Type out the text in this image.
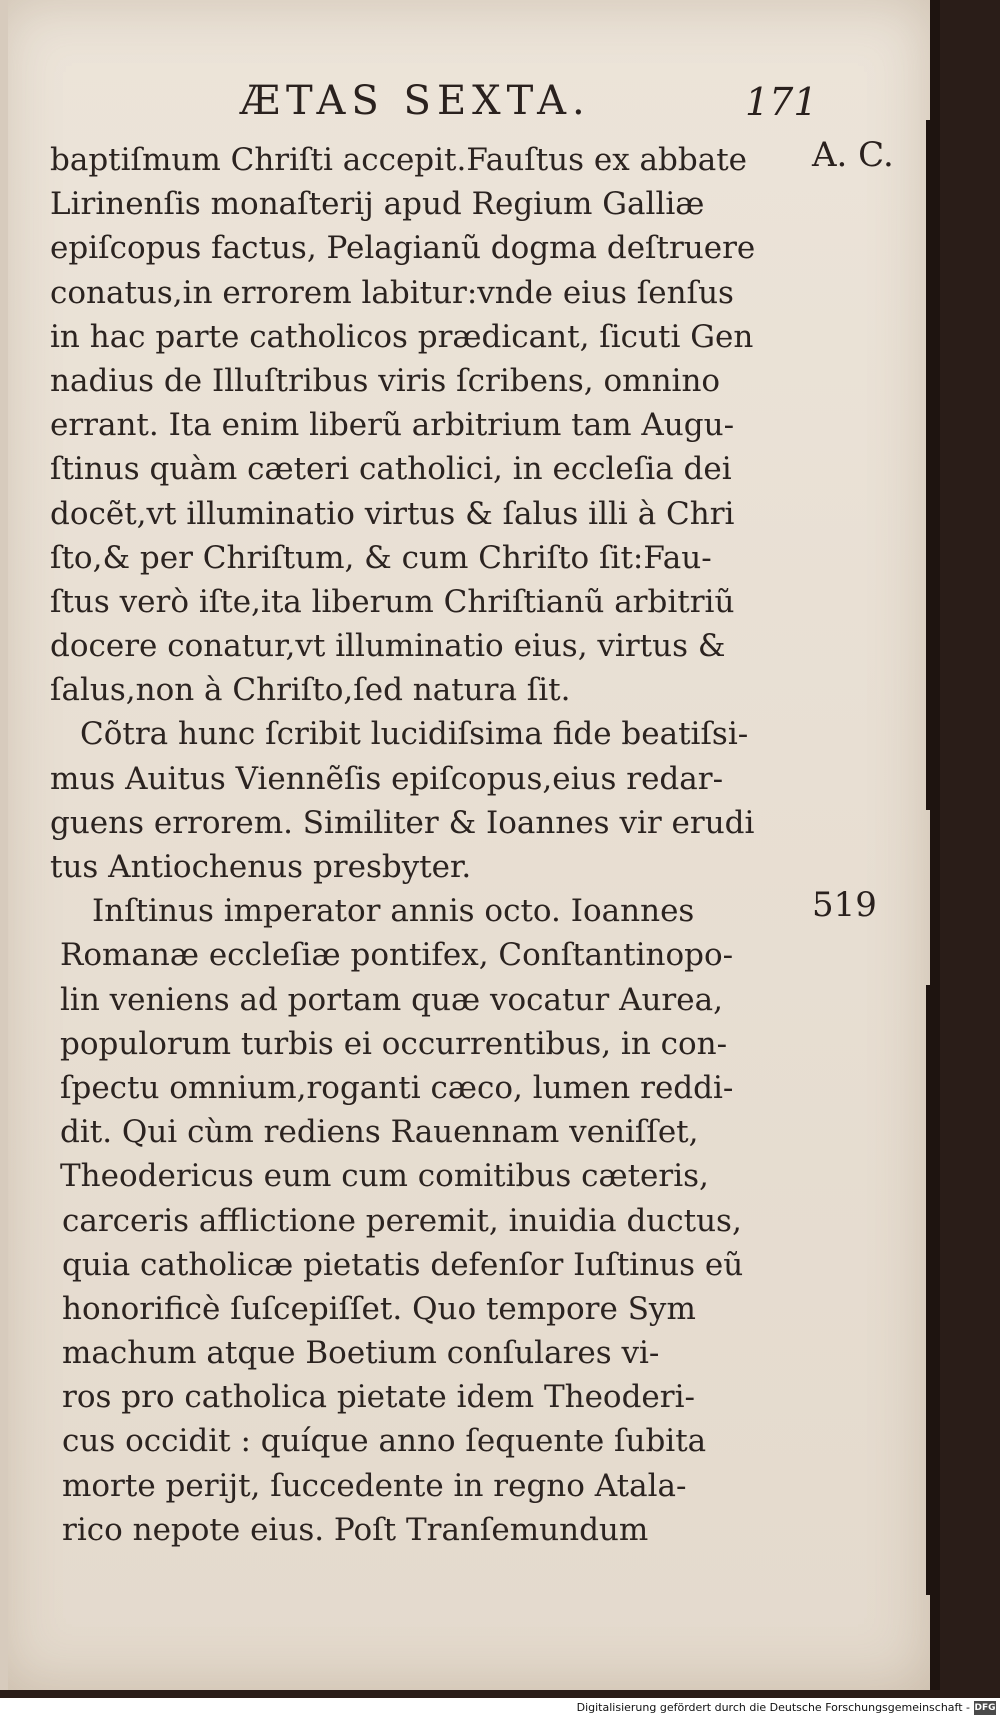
ÆTAS SEXTA.	171
A. C.
519
baptiſmum Chriſti accepit.Fauſtus ex abbate
Lirinenſis monaſterij apud Regium Galliæ
epiſcopus factus, Pelagianũ dogma deſtruere
conatus,in errorem labitur:vnde eius ſenſus
in hac parte catholicos prædicant, ſicuti Gen
nadius de Illuſtribus viris ſcribens, omnino
errant. Ita enim liberũ arbitrium tam Augu-
ſtinus quàm cæteri catholici, in eccleſia dei
docẽt,vt illuminatio virtus & ſalus illi à Chri
ſto,& per Chriſtum, & cum Chriſto ſit:Fau-
ſtus verò iſte,ita liberum Chriſtianũ arbitriũ
docere conatur,vt illuminatio eius, virtus &
ſalus,non à Chriſto,ſed natura ſit.
Cõtra hunc ſcribit lucidiſsima fide beatiſsi-
mus Auitus Viennẽſis epiſcopus,eius redar-
guens errorem. Similiter & Ioannes vir erudi
tus Antiochenus presbyter.
Inſtinus imperator annis octo. Ioannes
Romanæ eccleſiæ pontifex, Conſtantinopo-
lin veniens ad portam quæ vocatur Aurea,
populorum turbis ei occurrentibus, in con-
ſpectu omnium,roganti cæco, lumen reddi-
dit. Qui cùm rediens Rauennam veniſſet,
Theodericus eum cum comitibus cæteris,
carceris afflictione peremit, inuidia ductus,
quia catholicæ pietatis defenſor Iuſtinus eũ
honorificè ſuſcepiſſet. Quo tempore Sym
machum atque Boetium conſulares vi-
ros pro catholica pietate idem Theoderi-
cus occidit : quíque anno ſequente ſubita
morte perijt, ſuccedente in regno Atala-
rico nepote eius. Poſt Tranſemundum
Digitalisierung gefördert durch die Deutsche Forschungsgemeinschaft - DFG
